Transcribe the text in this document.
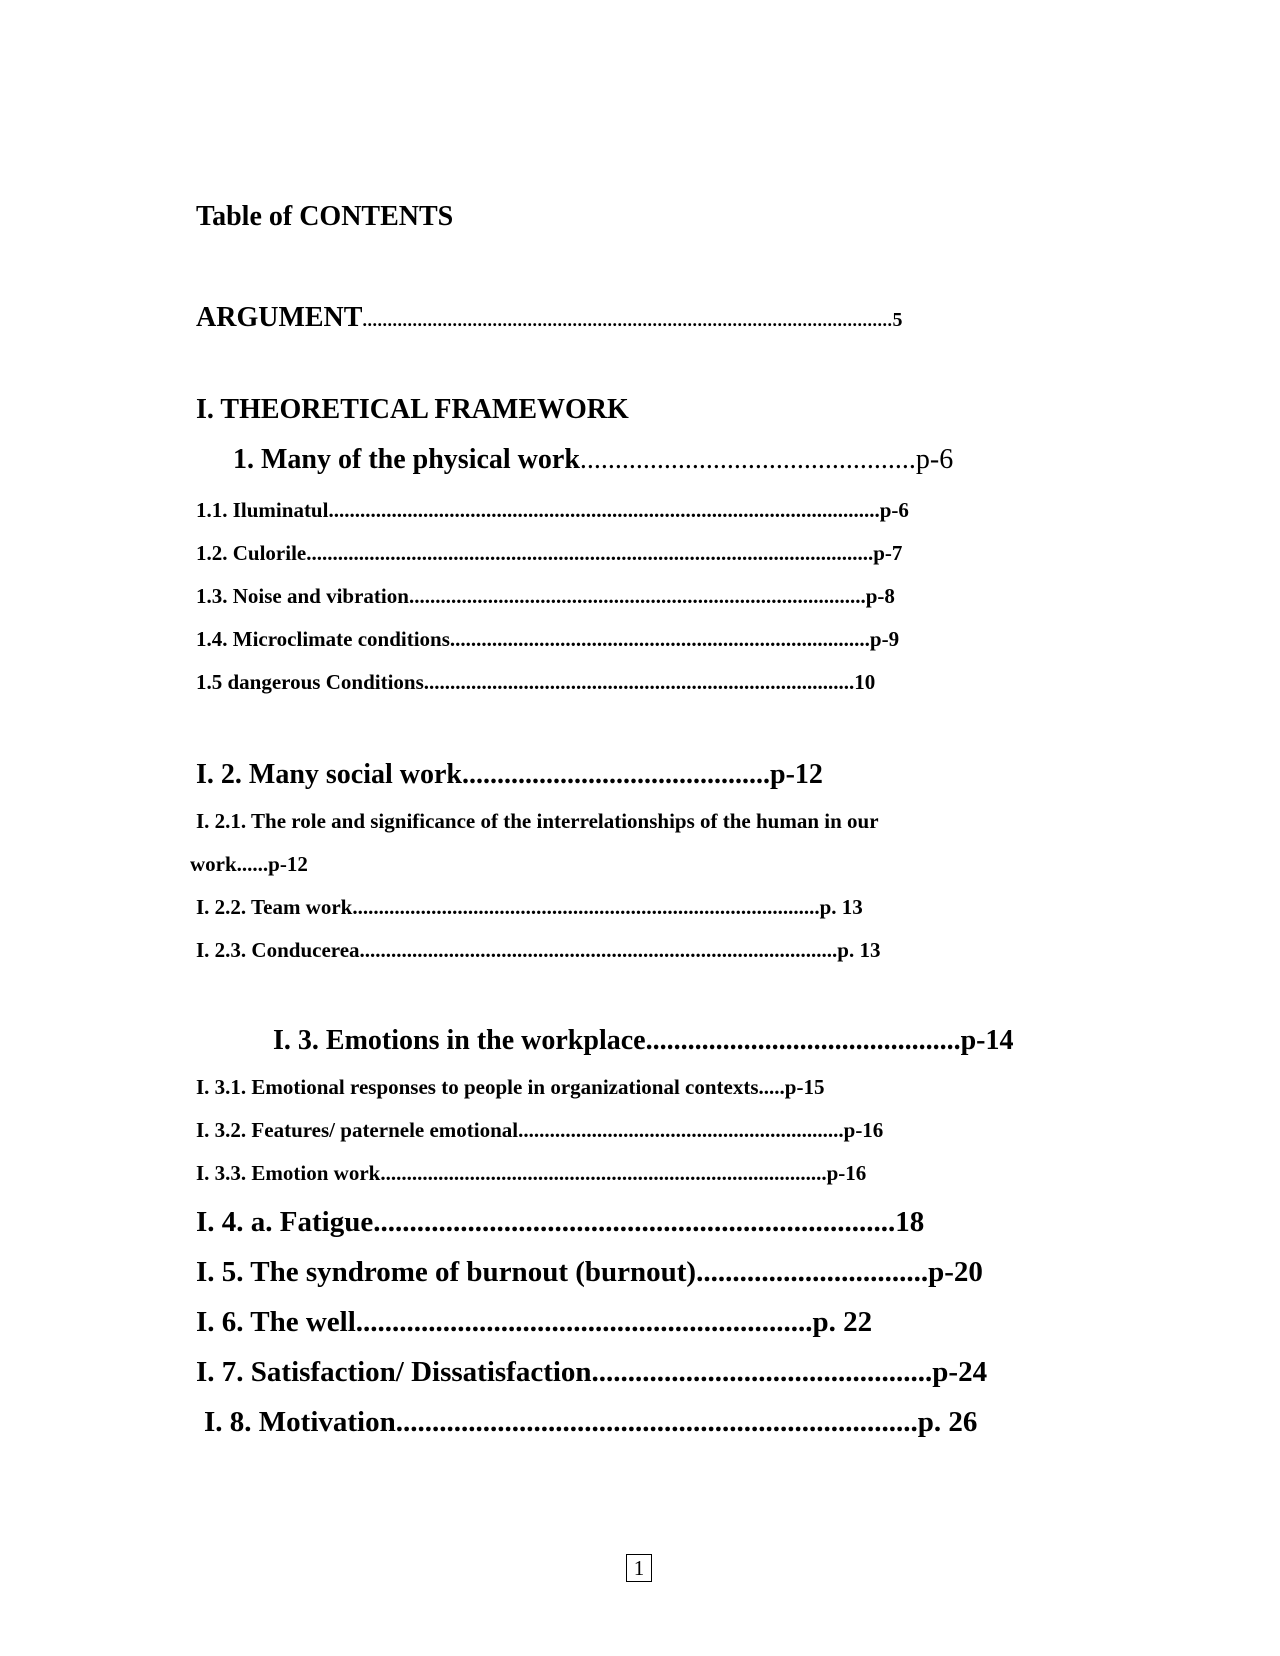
Table of CONTENTS
ARGUMENT..........................................................................................................5
I. THEORETICAL FRAMEWORK
1. Many of the physical work................................................p-6
1.1. Iluminatul.........................................................................................................p-6
1.2. Culorile............................................................................................................p-7
1.3. Noise and vibration.......................................................................................p-8
1.4. Microclimate conditions................................................................................p-9
1.5 dangerous Conditions..................................................................................10
I. 2. Many social work............................................p-12
I. 2.1. The role and significance of the interrelationships of the human in our
work......p-12
I. 2.2. Team work.........................................................................................p. 13
I. 2.3. Conducerea...........................................................................................p. 13
I. 3. Emotions in the workplace.............................................p-14
I. 3.1. Emotional responses to people in organizational contexts.....p-15
I. 3.2. Features/ paternele emotional..............................................................p-16
I. 3.3. Emotion work.....................................................................................p-16
I. 4. a. Fatigue........................................................................18
I. 5. The syndrome of burnout (burnout)................................p-20
I. 6. The well...............................................................p. 22
I. 7. Satisfaction/ Dissatisfaction...............................................p-24
I. 8. Motivation........................................................................p. 26
1
